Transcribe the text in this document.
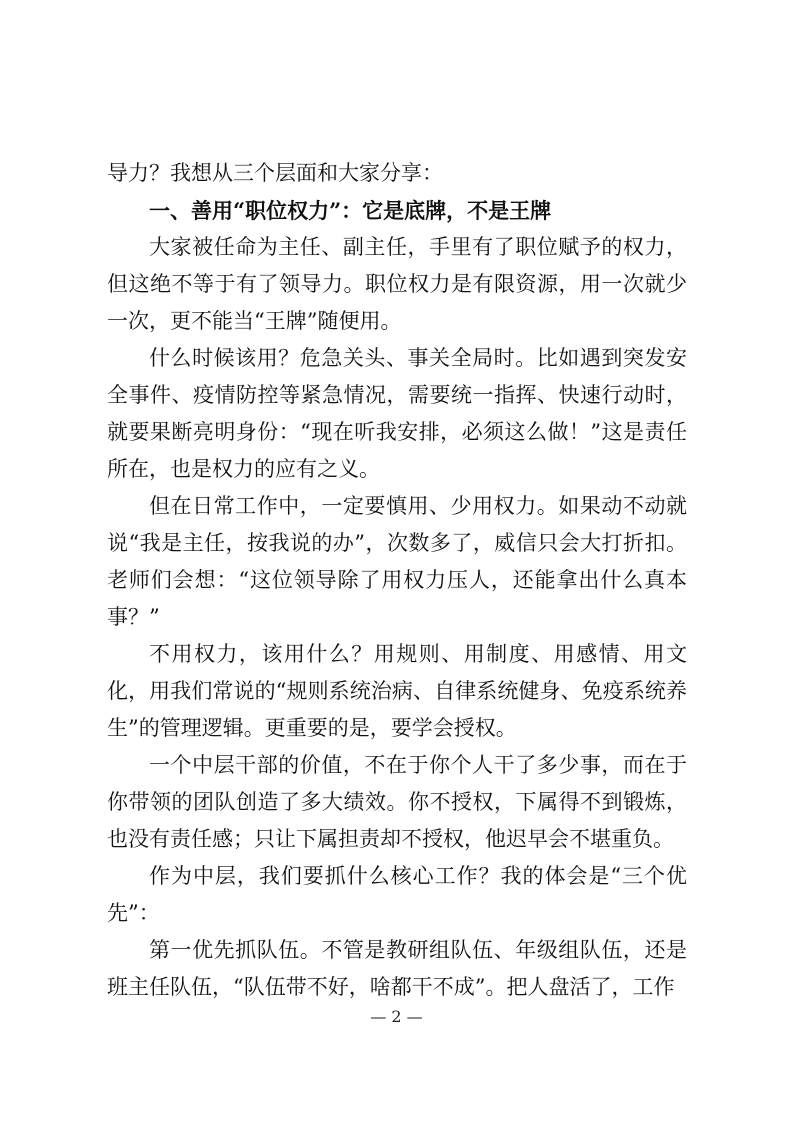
导力？我想从三个层面和大家分享：

一、善用“职位权力”：它是底牌，不是王牌

大家被任命为主任、副主任，手里有了职位赋予的权力，但这绝不等于有了领导力。职位权力是有限资源，用一次就少一次，更不能当“王牌”随便用。

什么时候该用？危急关头、事关全局时。比如遇到突发安全事件、疫情防控等紧急情况，需要统一指挥、快速行动时，就要果断亮明身份：“现在听我安排，必须这么做！”这是责任所在，也是权力的应有之义。

但在日常工作中，一定要慎用、少用权力。如果动不动就说“我是主任，按我说的办”，次数多了，威信只会大打折扣。老师们会想：“这位领导除了用权力压人，还能拿出什么真本事？”

不用权力，该用什么？用规则、用制度、用感情、用文化，用我们常说的“规则系统治病、自律系统健身、免疫系统养生”的管理逻辑。更重要的是，要学会授权。

一个中层干部的价值，不在于你个人干了多少事，而在于你带领的团队创造了多大绩效。你不授权，下属得不到锻炼，也没有责任感；只让下属担责却不授权，他迟早会不堪重负。

作为中层，我们要抓什么核心工作？我的体会是“三个优先”：

第一优先抓队伍。不管是教研组队伍、年级组队伍，还是班主任队伍，“队伍带不好，啥都干不成”。把人盘活了，工作

— 2 —
